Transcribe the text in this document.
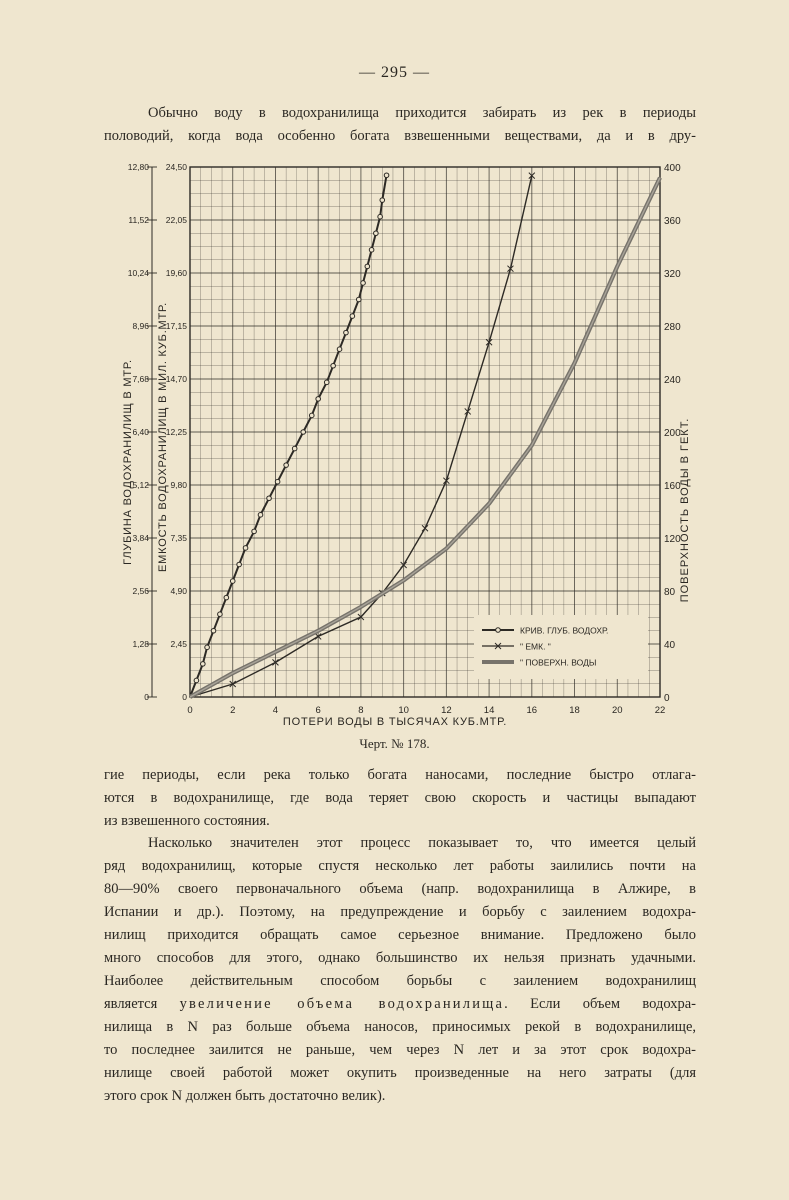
— 295 —

Обычно воду в водохранилища приходится забирать из рек в периоды
половодий, когда вода особенно богата взвешенными веществами, да и в дру-

0	2	4	6	8	10	12	14	16	18	20	22
0
1,28
2,56
3,84
5,12
6,40
7,68
8,96
10,24
11,52
12,80
0
2,45
4,90
7,35
9,80
12,25
14,70
17,15
19,60
22,05
24,50
0
40
80
120
160
200
240
280
320
360
400
ПОТЕРИ ВОДЫ В ТЫСЯЧАХ КУБ.МТР.
ГЛУБИНА ВОДОХРАНИЛИЩ В МТР. ЕМКОСТЬ ВОДОХРАНИЛИЩ В МИЛ. КУБ.МТР.	ПОВЕРХНОСТЬ ВОДЫ В ГЕКТ.
КРИВ. ГЛУБ. ВОДОХР.
" ЕМК. "
" ПОВЕРХН. ВОДЫ
Черт. № 178.

гие периоды, если река только богата наносами, последние быстро отлага-
ются в водохранилище, где вода теряет свою скорость и частицы выпадают
из взвешенного состояния.

Насколько значителен этот процесс показывает то, что имеется целый
ряд водохранилищ, которые спустя несколько лет работы заилились почти на
80—90% своего первоначального объема (напр. водохранилища в Алжире, в
Испании и др.). Поэтому, на предупреждение и борьбу с заилением водохра-
нилищ приходится обращать самое серьезное внимание. Предложено было
много способов для этого, однако большинство их нельзя признать удачными.
Наиболее действительным способом борьбы с заилением водохранилищ
является увеличение объема водохранилища. Если объем водохра-
нилища в N раз больше объема наносов, приносимых рекой в водохранилище,
то последнее заилится не раньше, чем через N лет и за этот срок водохра-
нилище своей работой может окупить произведенные на него затраты (для
этого срок N должен быть достаточно велик).
